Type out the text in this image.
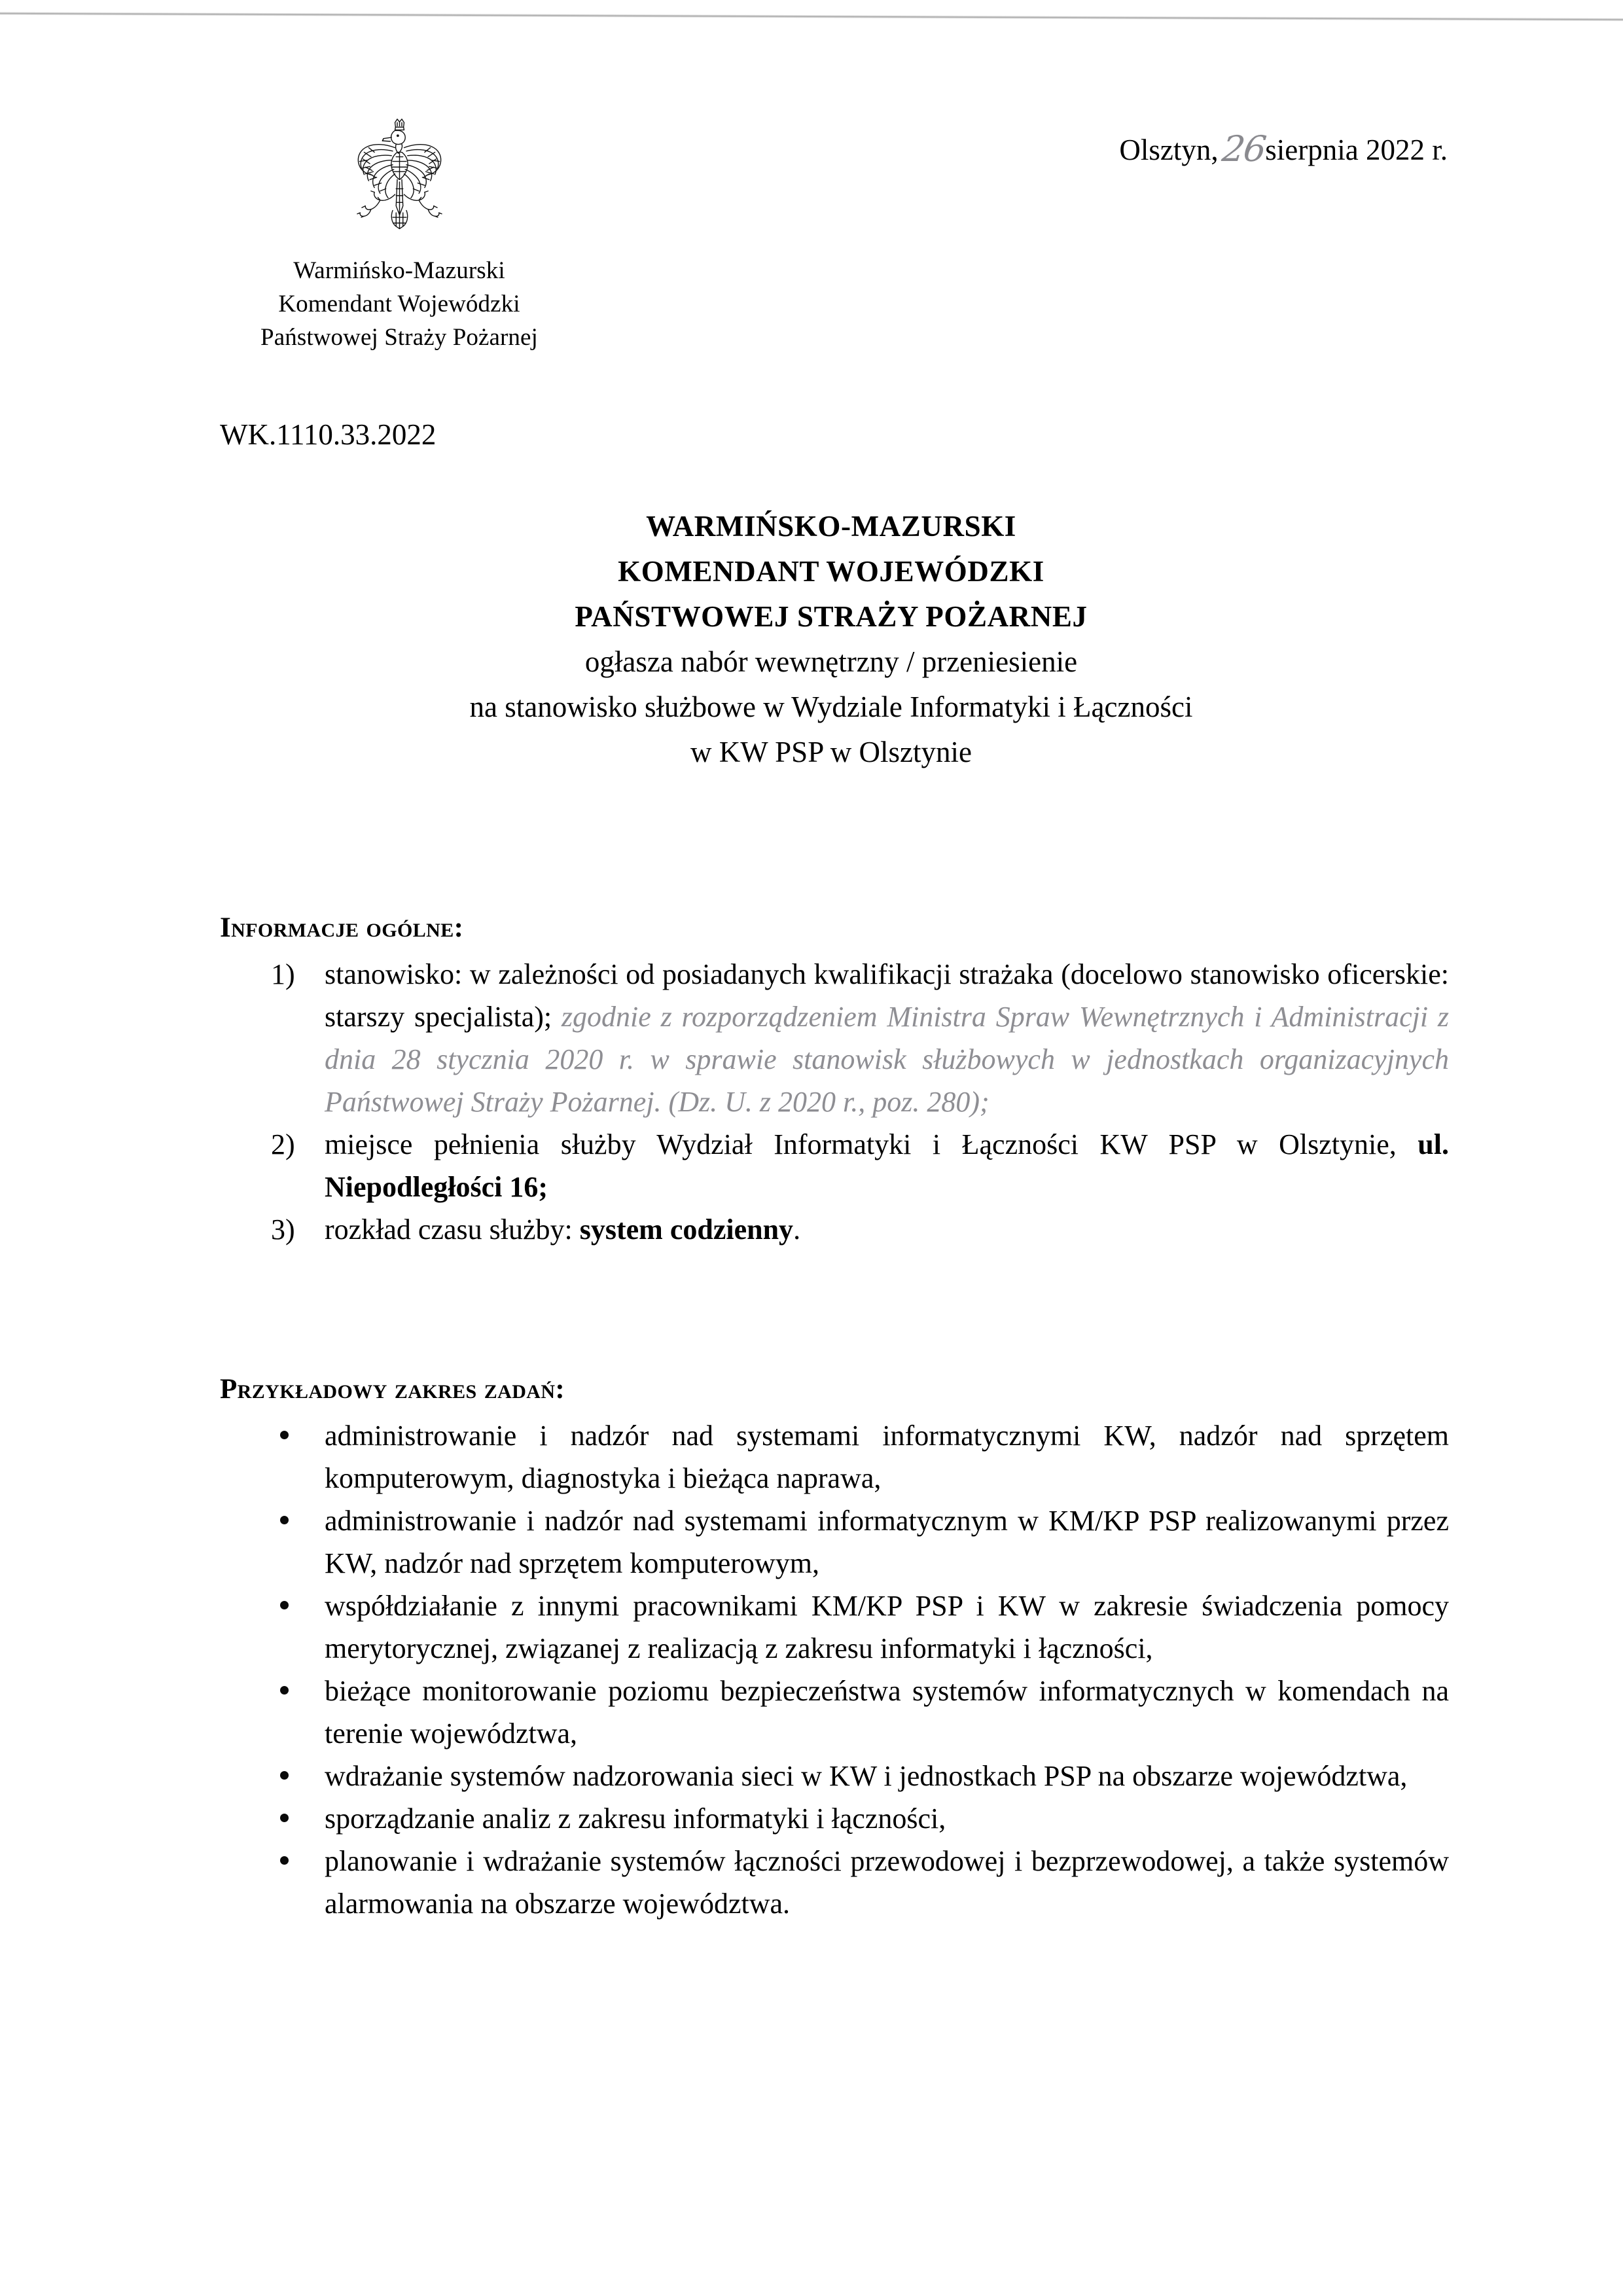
Warmińsko-Mazurski
Komendant Wojewódzki
Państwowej Straży Pożarnej
Olsztyn,26sierpnia 2022 r.
WK.1110.33.2022
WARMIŃSKO-MAZURSKI
KOMENDANT WOJEWÓDZKI
PAŃSTWOWEJ STRAŻY POŻARNEJ
ogłasza nabór wewnętrzny / przeniesienie
na stanowisko służbowe w Wydziale Informatyki i Łączności
w KW PSP w Olsztynie
Informacje ogólne:
1) stanowisko: w zależności od posiadanych kwalifikacji strażaka (docelowo stanowisko oficerskie: starszy specjalista); zgodnie z rozporządzeniem Ministra Spraw Wewnętrznych i Administracji z dnia 28 stycznia 2020 r. w sprawie stanowisk służbowych w jednostkach organizacyjnych Państwowej Straży Pożarnej. (Dz. U. z 2020 r., poz. 280);
2) miejsce pełnienia służby Wydział Informatyki i Łączności KW PSP w Olsztynie, ul. Niepodległości 16;
3) rozkład czasu służby: system codzienny.
Przykładowy zakres zadań:
administrowanie i nadzór nad systemami informatycznymi KW, nadzór nad sprzętem komputerowym, diagnostyka i bieżąca naprawa,
administrowanie i nadzór nad systemami informatycznym w KM/KP PSP realizowanymi przez KW, nadzór nad sprzętem komputerowym,
współdziałanie z innymi pracownikami KM/KP PSP i KW w zakresie świadczenia pomocy merytorycznej, związanej z realizacją z zakresu informatyki i łączności,
bieżące monitorowanie poziomu bezpieczeństwa systemów informatycznych w komendach na terenie województwa,
wdrażanie systemów nadzorowania sieci w KW i jednostkach PSP na obszarze województwa,
sporządzanie analiz z zakresu informatyki i łączności,
planowanie i wdrażanie systemów łączności przewodowej i bezprzewodowej, a także systemów alarmowania na obszarze województwa.
